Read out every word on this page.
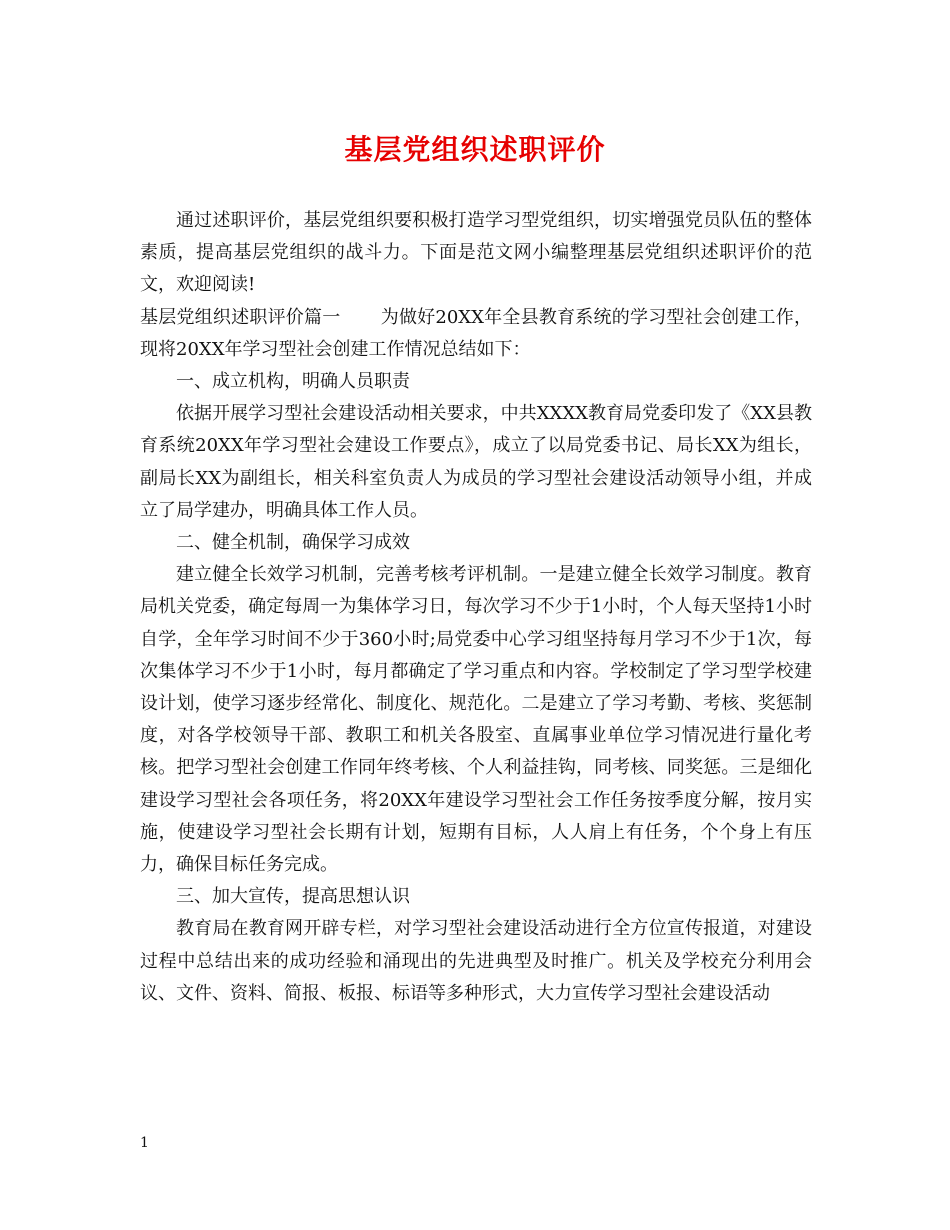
基层党组织述职评价

通过述职评价，基层党组织要积极打造学习型党组织，切实增强党员队伍的整体素质，提高基层党组织的战斗力。下面是范文网小编整理基层党组织述职评价的范文，欢迎阅读!

基层党组织述职评价篇一 为做好20XX年全县教育系统的学习型社会创建工作，现将20XX年学习型社会创建工作情况总结如下：

一、成立机构，明确人员职责

依据开展学习型社会建设活动相关要求，中共XXXX教育局党委印发了《XX县教育系统20XX年学习型社会建设工作要点》，成立了以局党委书记、局长XX为组长，副局长XX为副组长，相关科室负责人为成员的学习型社会建设活动领导小组，并成立了局学建办，明确具体工作人员。

二、健全机制，确保学习成效

建立健全长效学习机制，完善考核考评机制。一是建立健全长效学习制度。教育局机关党委，确定每周一为集体学习日，每次学习不少于1小时，个人每天坚持1小时自学，全年学习时间不少于360小时;局党委中心学习组坚持每月学习不少于1次，每次集体学习不少于1小时，每月都确定了学习重点和内容。学校制定了学习型学校建设计划，使学习逐步经常化、制度化、规范化。二是建立了学习考勤、考核、奖惩制度，对各学校领导干部、教职工和机关各股室、直属事业单位学习情况进行量化考核。把学习型社会创建工作同年终考核、个人利益挂钩，同考核、同奖惩。三是细化建设学习型社会各项任务，将20XX年建设学习型社会工作任务按季度分解，按月实施，使建设学习型社会长期有计划，短期有目标，人人肩上有任务，个个身上有压力，确保目标任务完成。

三、加大宣传，提高思想认识

教育局在教育网开辟专栏，对学习型社会建设活动进行全方位宣传报道，对建设过程中总结出来的成功经验和涌现出的先进典型及时推广。机关及学校充分利用会议、文件、资料、简报、板报、标语等多种形式，大力宣传学习型社会建设活动

1
